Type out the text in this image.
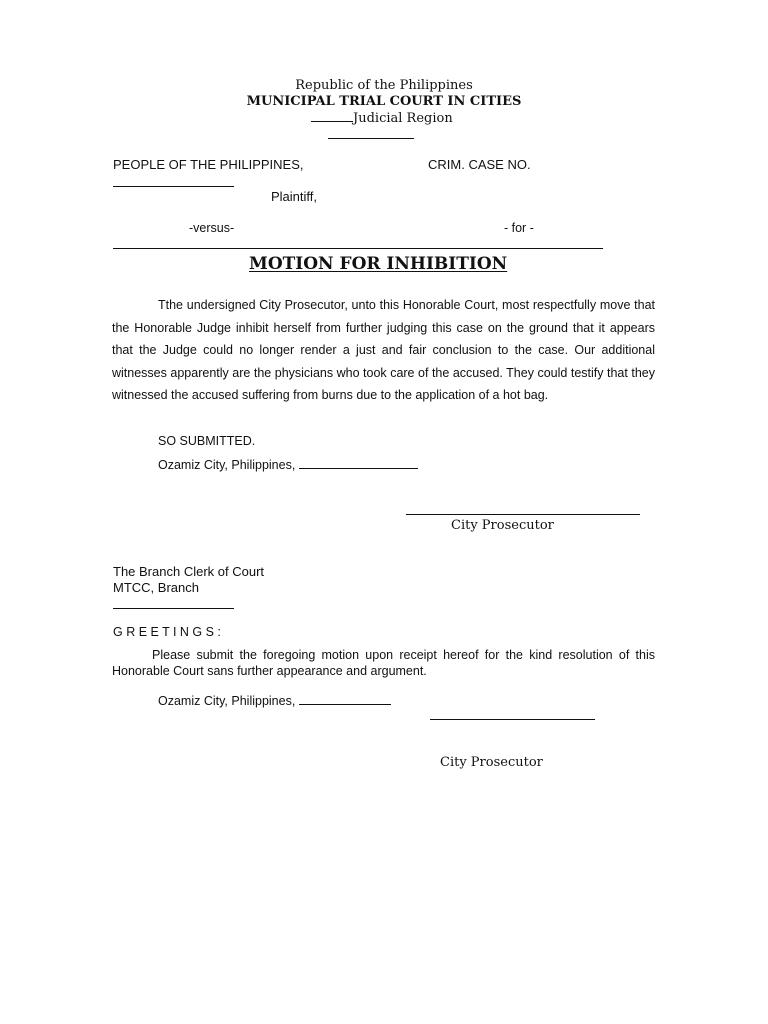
Republic of the Philippines
MUNICIPAL TRIAL COURT IN CITIES
Judicial Region
PEOPLE OF THE PHILIPPINES,	CRIM. CASE NO.
Plaintiff,
-versus-	- for -
MOTION FOR INHIBITION

Tthe undersigned City Prosecutor, unto this Honorable Court, most respectfully move that the Honorable Judge inhibit herself from further judging this case on the ground that it appears that the Judge could no longer render a just and fair conclusion to the case. Our additional witnesses apparently are the physicians who took care of the accused. They could testify that they witnessed the accused suffering from burns due to the application of a hot bag.

SO SUBMITTED.
Ozamiz City, Philippines,
City Prosecutor
The Branch Clerk of Court
MTCC, Branch
G R E E T I N G S :

Please submit the foregoing motion upon receipt hereof for the kind resolution of this Honorable Court sans further appearance and argument.

Ozamiz City, Philippines,
City Prosecutor
